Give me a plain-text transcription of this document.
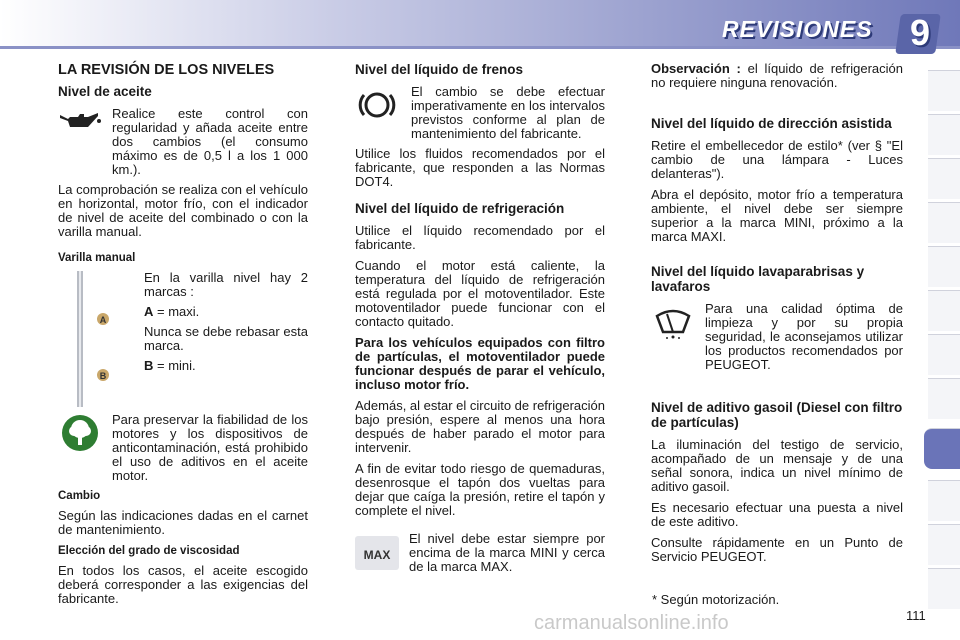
REVISIONES 9
LA REVISIÓN DE LOS NIVELES
Nivel de aceite

Realice este control con regularidad y añada aceite entre dos cambios (el consumo máximo es de 0,5 l a los 1 000 km.).

La comprobación se realiza con el vehículo en horizontal, motor frío, con el indicador de nivel de aceite del combinado o con la varilla manual.

Varilla manual
A
B

En la varilla nivel hay 2 marcas :

A = maxi.

Nunca se debe rebasar esta marca.

B = mini.

Para preservar la fiabilidad de los motores y los dispositivos de anticontaminación, está prohibido el uso de aditivos en el aceite motor.

Cambio

Según las indicaciones dadas en el carnet de mantenimiento.

Elección del grado de viscosidad

En todos los casos, el aceite escogido deberá corresponder a las exigencias del fabricante.

Nivel del líquido de frenos

El cambio se debe efectuar imperativamente en los intervalos previstos conforme al plan de mantenimiento del fabricante.

Utilice los fluidos recomendados por el fabricante, que responden a las Normas DOT4.

Nivel del líquido de refrigeración

Utilice el líquido recomendado por el fabricante.

Cuando el motor está caliente, la temperatura del líquido de refrigeración está regulada por el motoventilador. Este motoventilador puede funcionar con el contacto quitado.

Para los vehículos equipados con filtro de partículas, el motoventilador puede funcionar después de parar el vehículo, incluso motor frío.

Además, al estar el circuito de refrigeración bajo presión, espere al menos una hora después de haber parado el motor para intervenir.

A fin de evitar todo riesgo de quemaduras, desenrosque el tapón dos vueltas para dejar que caíga la presión, retire el tapón y complete el nivel.

MAX

El nivel debe estar siempre por encima de la marca MINI y cerca de la marca MAX.

Observación : el líquido de refrigeración no requiere ninguna renovación.

Nivel del líquido de dirección asistida

Retire el embellecedor de estilo* (ver § "El cambio de una lámpara - Luces delanteras").

Abra el depósito, motor frío a temperatura ambiente, el nivel debe ser siempre superior a la marca MINI, próximo a la marca MAXI.

Nivel del líquido lavaparabrisas y lavafaros

Para una calidad óptima de limpieza y por su propia seguridad, le aconsejamos utilizar los productos recomendados por PEUGEOT.

Nivel de aditivo gasoil (Diesel con filtro de partículas)

La iluminación del testigo de servicio, acompañado de un mensaje y de una señal sonora, indica un nivel mínimo de aditivo gasoil.

Es necesario efectuar una puesta a nivel de este aditivo.

Consulte rápidamente en un Punto de Servicio PEUGEOT.

* Según motorización.
carmanualsonline.info	111
